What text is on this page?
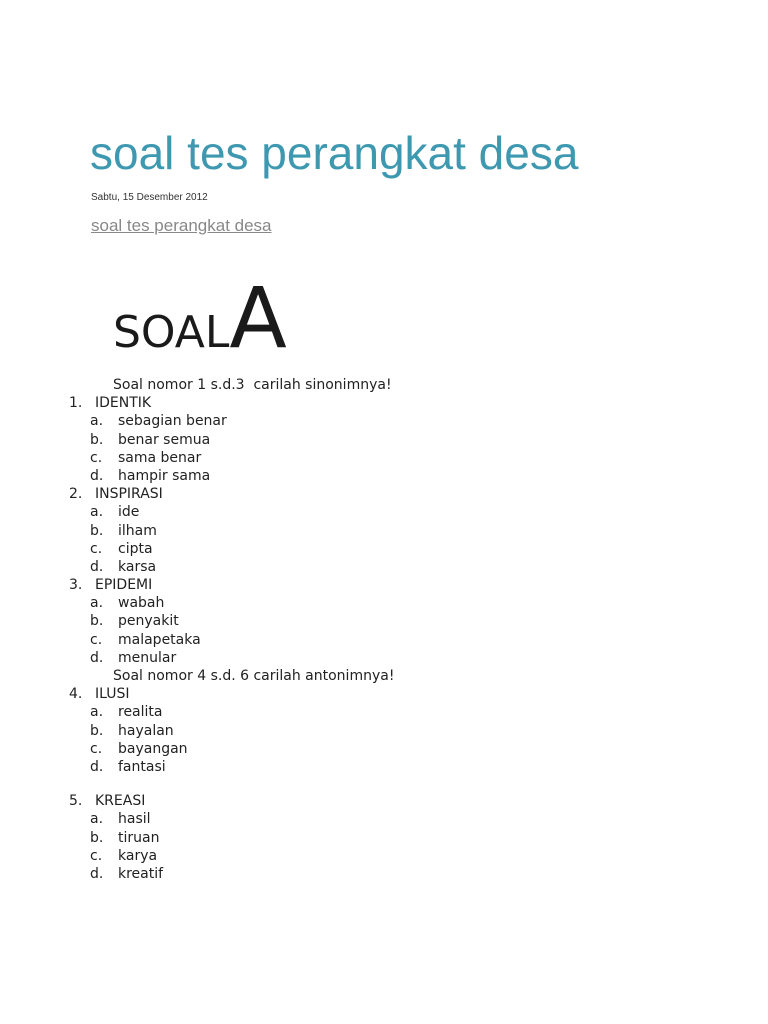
soal tes perangkat desa
Sabtu, 15 Desember 2012
soal tes perangkat desa
SOALA
Soal nomor 1 s.d.3  carilah sinonimnya!
1. IDENTIK
a. sebagian benar
b. benar semua
c. sama benar
d. hampir sama
2. INSPIRASI
a. ide
b. ilham
c. cipta
d. karsa
3. EPIDEMI
a. wabah
b. penyakit
c. malapetaka
d. menular
Soal nomor 4 s.d. 6 carilah antonimnya!
4. ILUSI
a. realita
b. hayalan
c. bayangan
d. fantasi
5. KREASI
a. hasil
b. tiruan
c. karya
d. kreatif
